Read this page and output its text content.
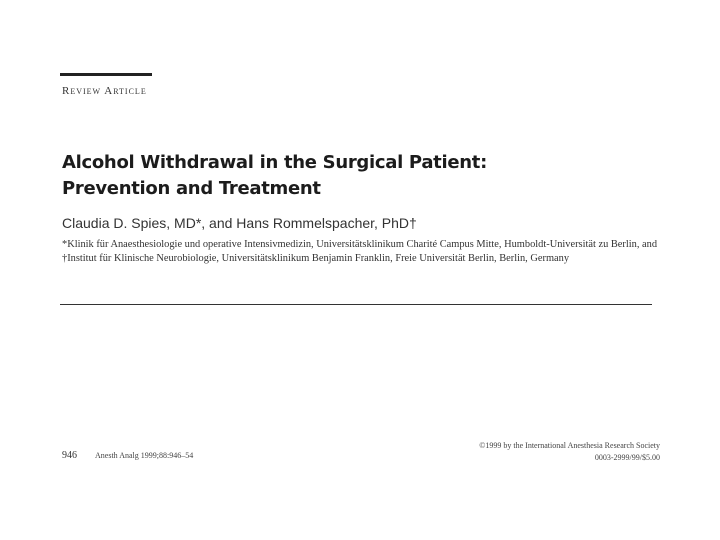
Review Article
Alcohol Withdrawal in the Surgical Patient:
Prevention and Treatment
Claudia D. Spies, MD*, and Hans Rommelspacher, PhD†
*Klinik für Anaesthesiologie und operative Intensivmedizin, Universitätsklinikum Charité Campus Mitte, Humboldt-Universität zu Berlin, and †Institut für Klinische Neurobiologie, Universitätsklinikum Benjamin Franklin, Freie Universität Berlin, Berlin, Germany
946 Anesth Analg 1999;88:946–54
©1999 by the International Anesthesia Research Society
0003-2999/99/$5.00
